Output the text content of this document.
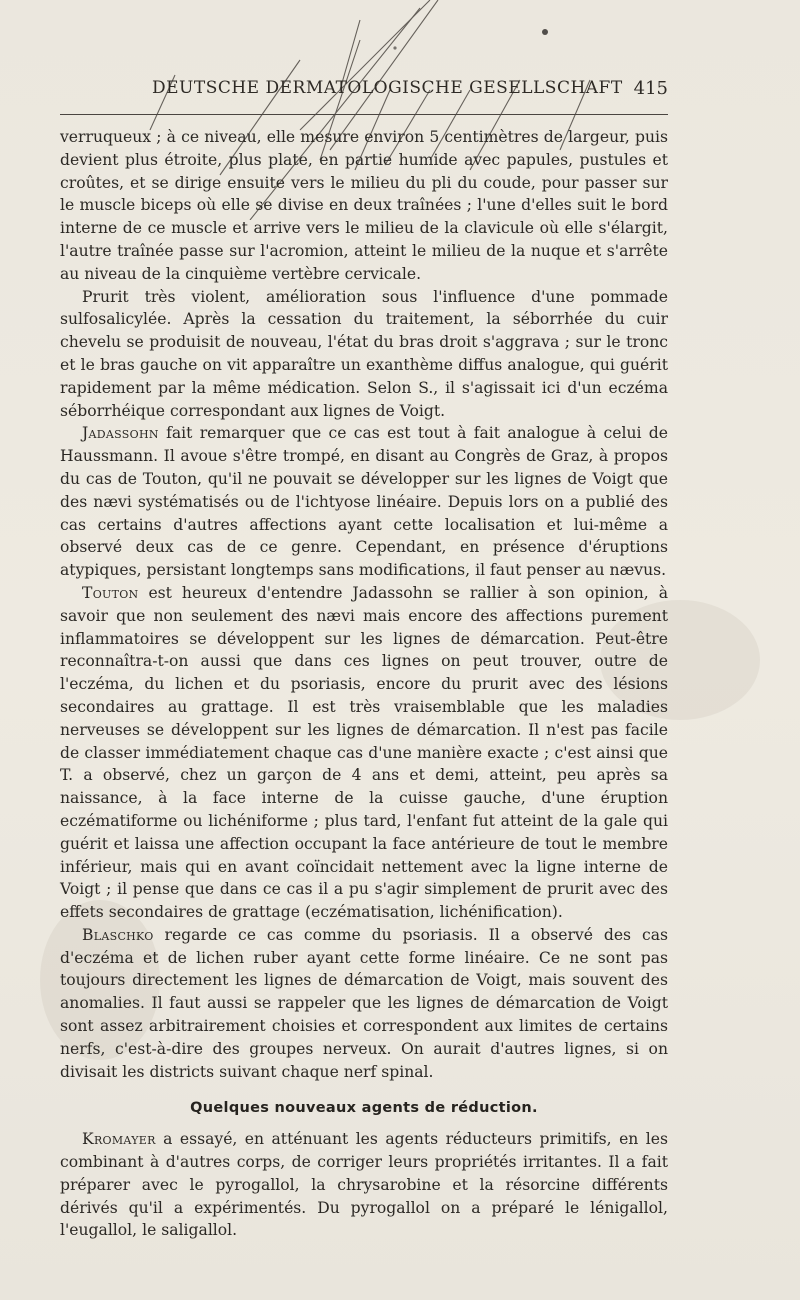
DEUTSCHE DERMATOLOGISCHE GESELLSCHAFT 415

verruqueux ; à ce niveau, elle mesure environ 5 centimètres de largeur, puis devient plus étroite, plus plate, en partie humide avec papules, pustules et croûtes, et se dirige ensuite vers le milieu du pli du coude, pour passer sur le muscle biceps où elle se divise en deux traînées ; l'une d'elles suit le bord interne de ce muscle et arrive vers le milieu de la clavicule où elle s'élargit, l'autre traînée passe sur l'acromion, atteint le milieu de la nuque et s'arrête au niveau de la cinquième vertèbre cervicale.

Prurit très violent, amélioration sous l'influence d'une pommade sulfosalicylée. Après la cessation du traitement, la séborrhée du cuir chevelu se produisit de nouveau, l'état du bras droit s'aggrava ; sur le tronc et le bras gauche on vit apparaître un exanthème diffus analogue, qui guérit rapidement par la même médication. Selon S., il s'agissait ici d'un eczéma séborrhéique correspondant aux lignes de Voigt.

Jadassohn fait remarquer que ce cas est tout à fait analogue à celui de Haussmann. Il avoue s'être trompé, en disant au Congrès de Graz, à propos du cas de Touton, qu'il ne pouvait se développer sur les lignes de Voigt que des nævi systématisés ou de l'ichtyose linéaire. Depuis lors on a publié des cas certains d'autres affections ayant cette localisation et lui-même a observé deux cas de ce genre. Cependant, en présence d'éruptions atypiques, persistant longtemps sans modifications, il faut penser au nævus.

Touton est heureux d'entendre Jadassohn se rallier à son opinion, à savoir que non seulement des nævi mais encore des affections purement inflammatoires se développent sur les lignes de démarcation. Peut-être reconnaîtra-t-on aussi que dans ces lignes on peut trouver, outre de l'eczéma, du lichen et du psoriasis, encore du prurit avec des lésions secondaires au grattage. Il est très vraisemblable que les maladies nerveuses se développent sur les lignes de démarcation. Il n'est pas facile de classer immédiatement chaque cas d'une manière exacte ; c'est ainsi que T. a observé, chez un garçon de 4 ans et demi, atteint, peu après sa naissance, à la face interne de la cuisse gauche, d'une éruption eczématiforme ou lichéniforme ; plus tard, l'enfant fut atteint de la gale qui guérit et laissa une affection occupant la face antérieure de tout le membre inférieur, mais qui en avant coïncidait nettement avec la ligne interne de Voigt ; il pense que dans ce cas il a pu s'agir simplement de prurit avec des effets secondaires de grattage (eczématisation, lichénification).

Blaschko regarde ce cas comme du psoriasis. Il a observé des cas d'eczéma et de lichen ruber ayant cette forme linéaire. Ce ne sont pas toujours directement les lignes de démarcation de Voigt, mais souvent des anomalies. Il faut aussi se rappeler que les lignes de démarcation de Voigt sont assez arbitrairement choisies et correspondent aux limites de certains nerfs, c'est-à-dire des groupes nerveux. On aurait d'autres lignes, si on divisait les districts suivant chaque nerf spinal.

Quelques nouveaux agents de réduction.

Kromayer a essayé, en atténuant les agents réducteurs primitifs, en les combinant à d'autres corps, de corriger leurs propriétés irritantes. Il a fait préparer avec le pyrogallol, la chrysarobine et la résorcine différents dérivés qu'il a expérimentés. Du pyrogallol on a préparé le lénigallol, l'eugallol, le saligallol.
